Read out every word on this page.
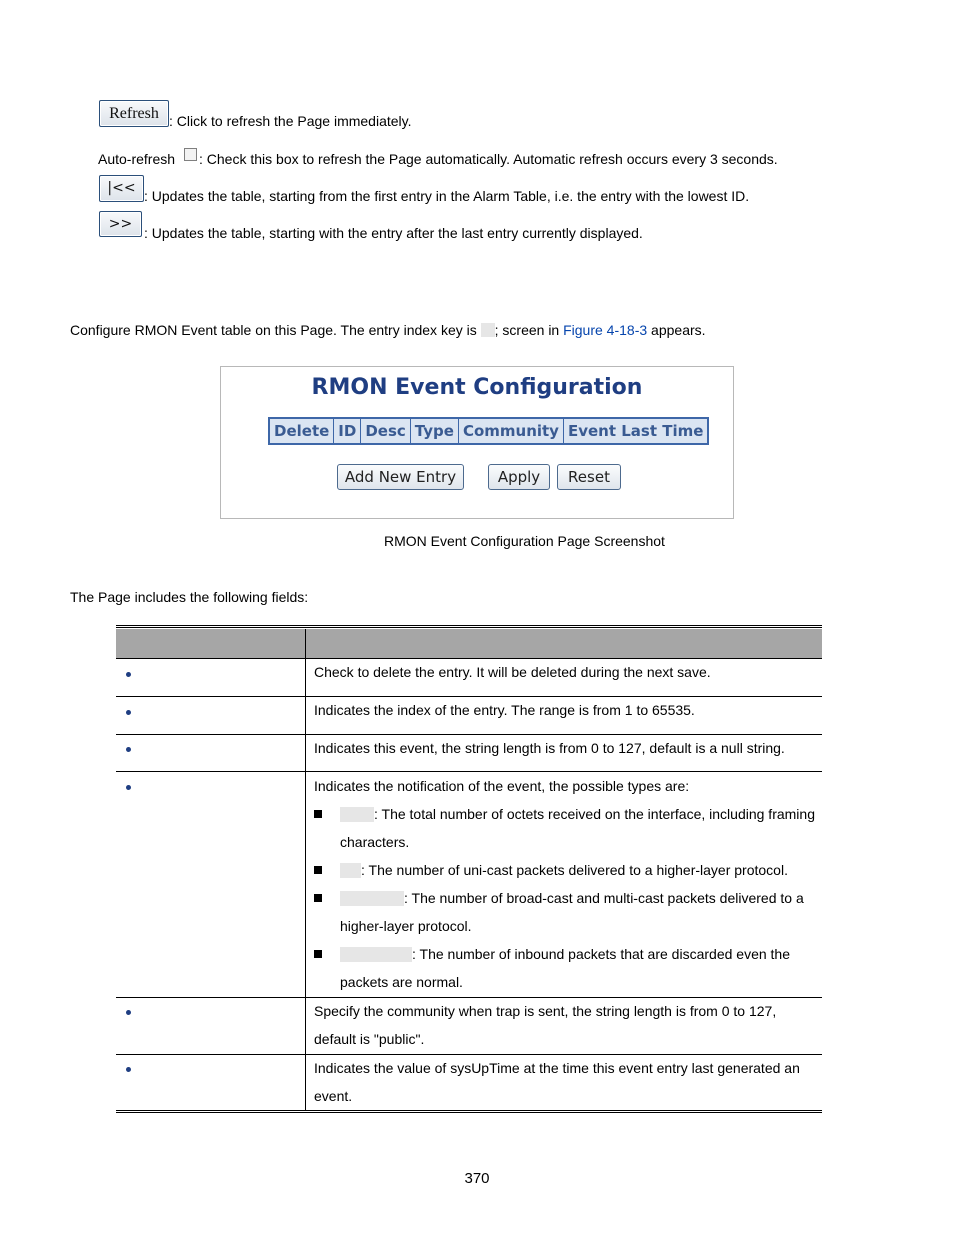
Refresh : Click to refresh the Page immediately.
Auto-refresh : Check this box to refresh the Page automatically. Automatic refresh occurs every 3 seconds.
|<< : Updates the table, starting from the first entry in the Alarm Table, i.e. the entry with the lowest ID.
>>
: Updates the table, starting with the entry after the last entry currently displayed.
Configure RMON Event table on this Page. The entry index key is ; screen in Figure 4-18-3 appears.
RMON Event Configuration
Delete ID Desc Type Community Event Last Time
Add New Entry	Apply	Reset
RMON Event Configuration Page Screenshot
The Page includes the following fields:
Check to delete the entry. It will be deleted during the next save.
Indicates the index of the entry. The range is from 1 to 65535.
Indicates this event, the string length is from 0 to 127, default is a null string.
Indicates the notification of the event, the possible types are:
: The total number of octets received on the interface, including framing
characters.
: The number of uni-cast packets delivered to a higher-layer protocol.
: The number of broad-cast and multi-cast packets delivered to a
higher-layer protocol.
: The number of inbound packets that are discarded even the
packets are normal.
Specify the community when trap is sent, the string length is from 0 to 127,
default is "public".
Indicates the value of sysUpTime at the time this event entry last generated an
event.
370
